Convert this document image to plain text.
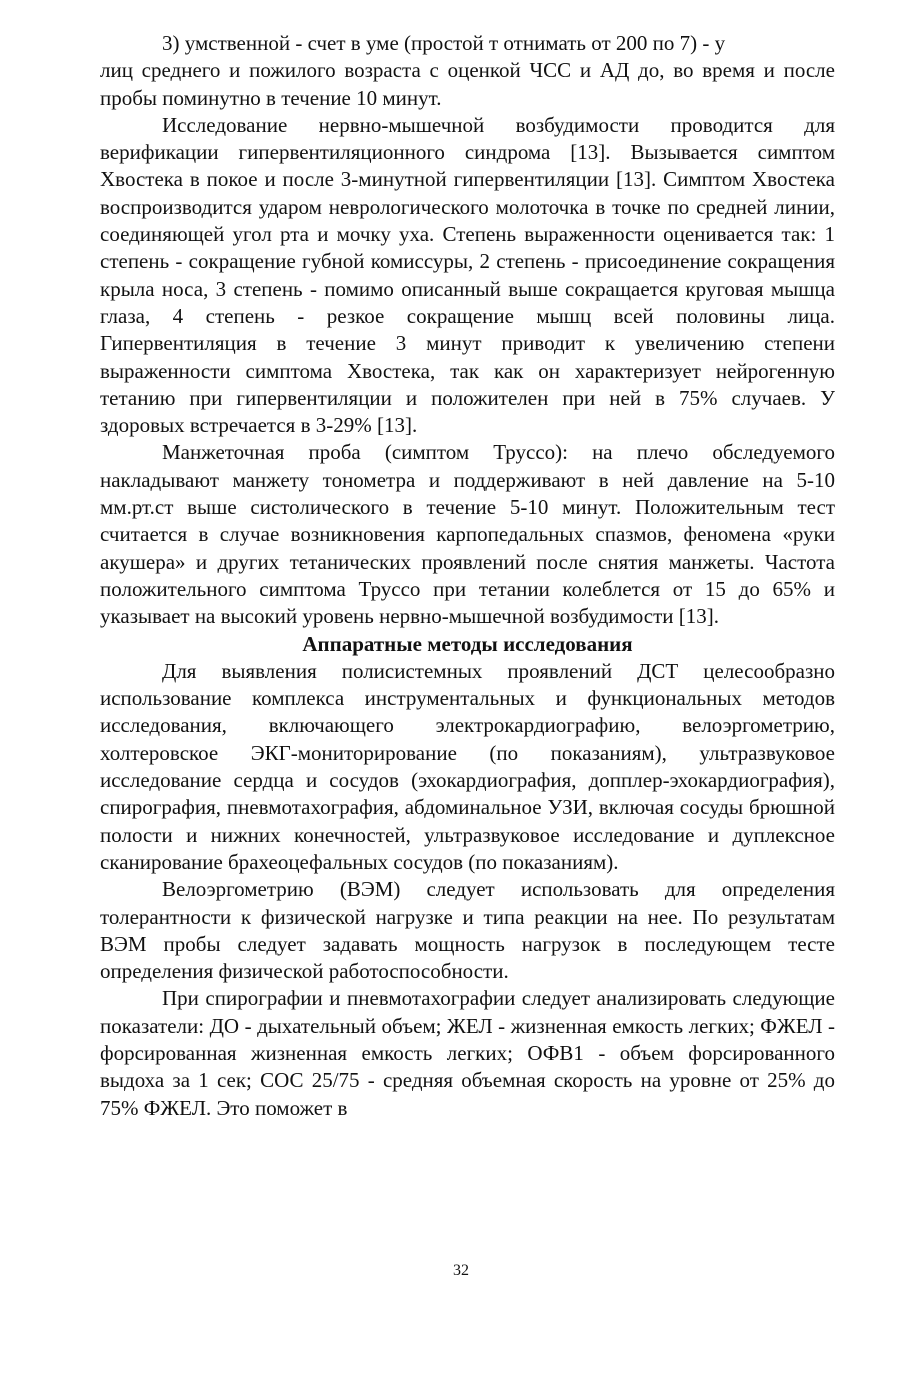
3) умственной - счет в уме (простой т отнимать от 200 по 7) - у

лиц среднего и пожилого возраста с оценкой ЧСС и АД до, во время и после пробы поминутно в течение 10 минут.

Исследование нервно-мышечной возбудимости проводится для верификации гипервентиляционного синдрома [13]. Вызывается симптом Хвостека в покое и после 3-минутной гипервентиляции [13]. Симптом Хвостека воспроизводится ударом неврологического молоточка в точке по средней линии, соединяющей угол рта и мочку уха. Степень выраженности оценивается так: 1 степень - сокращение губной комиссуры, 2 степень - присоединение сокращения крыла носа, 3 степень - помимо описанный выше сокращается круговая мышца глаза, 4 степень - резкое сокращение мышц всей половины лица. Гипервентиляция в течение 3 минут приводит к увеличению степени выраженности симптома Хвостека, так как он характеризует нейрогенную тетанию при гипервентиляции и положителен при ней в 75% случаев. У здоровых встречается в 3-29% [13].

Манжеточная проба (симптом Труссо): на плечо обследуемого накладывают манжету тонометра и поддерживают в ней давление на 5-10 мм.рт.ст выше систолического в течение 5-10 минут. Положительным тест считается в случае возникновения карпопедальных спазмов, феномена «руки акушера» и других тетанических проявлений после снятия манжеты. Частота положительного симптома Труссо при тетании колеблется от 15 до 65% и указывает на высокий уровень нервно-мышечной возбудимости [13].

Аппаратные методы исследования

Для выявления полисистемных проявлений ДСТ целесообразно использование комплекса инструментальных и функциональных методов исследования, включающего электрокардиографию, велоэргометрию, холтеровское ЭКГ-мониторирование (по показаниям), ультразвуковое исследование сердца и сосудов (эхокардиография, допплер-эхокардиография), спирография, пневмотахография, абдоминальное УЗИ, включая сосуды брюшной полости и нижних конечностей, ультразвуковое исследование и дуплексное сканирование брахеоцефальных сосудов (по показаниям).

Велоэргометрию (ВЭМ) следует использовать для определения толерантности к физической нагрузке и типа реакции на нее. По результатам ВЭМ пробы следует задавать мощность нагрузок в последующем тесте определения физической работоспособности.

При спирографии и пневмотахографии следует анализировать следующие показатели: ДО - дыхательный объем; ЖЕЛ - жизненная емкость легких; ФЖЕЛ - форсированная жизненная емкость легких; ОФВ1 - объем форсированного выдоха за 1 сек; СОС 25/75 - средняя объемная скорость на уровне от 25% до 75% ФЖЕЛ. Это поможет в

32
